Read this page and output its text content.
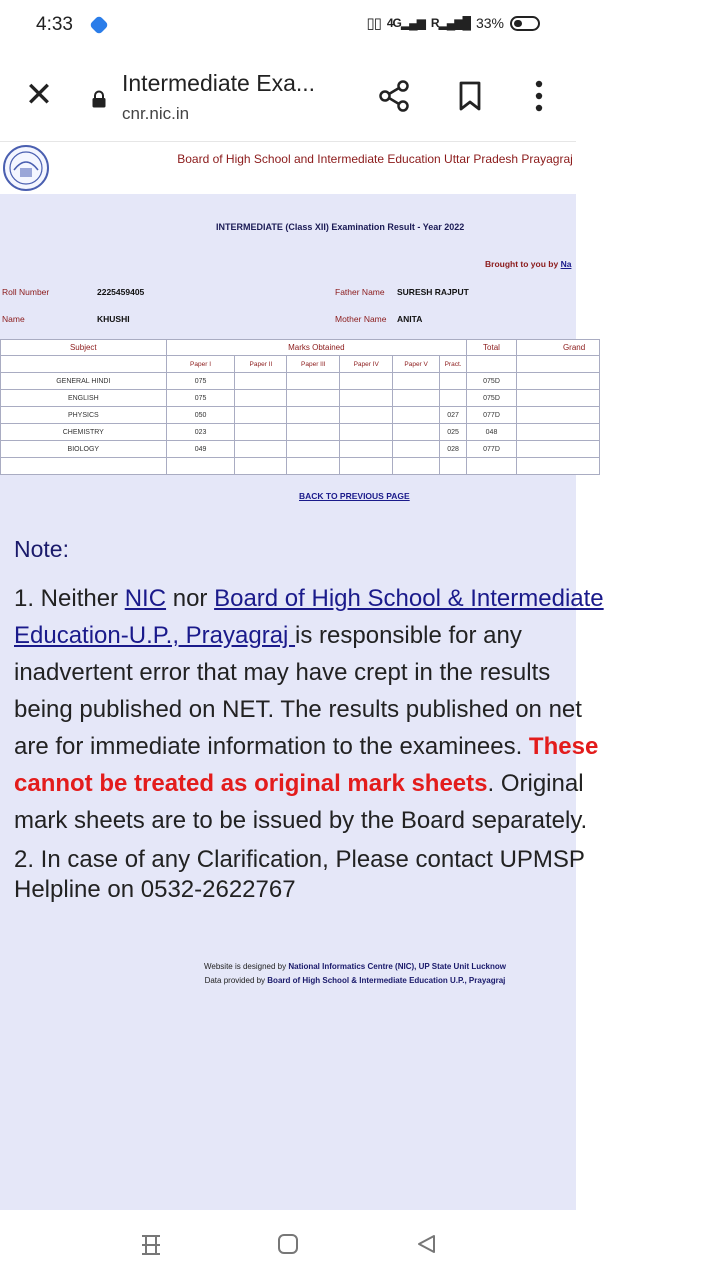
4:33	▯▯ 4G▂▄▆ R▂▄▆█ 33%
✕	Intermediate Exa...
cnr.nic.in
Board of High School and Intermediate Education Uttar Pradesh Prayagraj
INTERMEDIATE (Class XII) Examination Result - Year 2022
Brought to you by Na
Roll Number	2225459405	Father Name SURESH RAJPUT
Name	KHUSHI	Mother Name ANITA
Subject	Marks Obtained						Total	Grand
	Paper I	Paper II	Paper III	Paper IV	Paper V	Pract.		
GENERAL HINDI	075						075D	
ENGLISH	075						075D	
PHYSICS	050					027	077D	
CHEMISTRY	023					025	048	
BIOLOGY	049					028	077D	

BACK TO PREVIOUS PAGE
Note:
1. Neither NIC nor Board of High School & Intermediate Education-U.P., Prayagraj is responsible for any inadvertent error that may have crept in the results being published on NET. The results published on net are for immediate information to the examinees. These cannot be treated as original mark sheets. Original mark sheets are to be issued by the Board separately.
2. In case of any Clarification, Please contact UPMSP Helpline on 0532-2622767
Website is designed by National Informatics Centre (NIC), UP State Unit Lucknow
Data provided by Board of High School & Intermediate Education U.P., Prayagraj
